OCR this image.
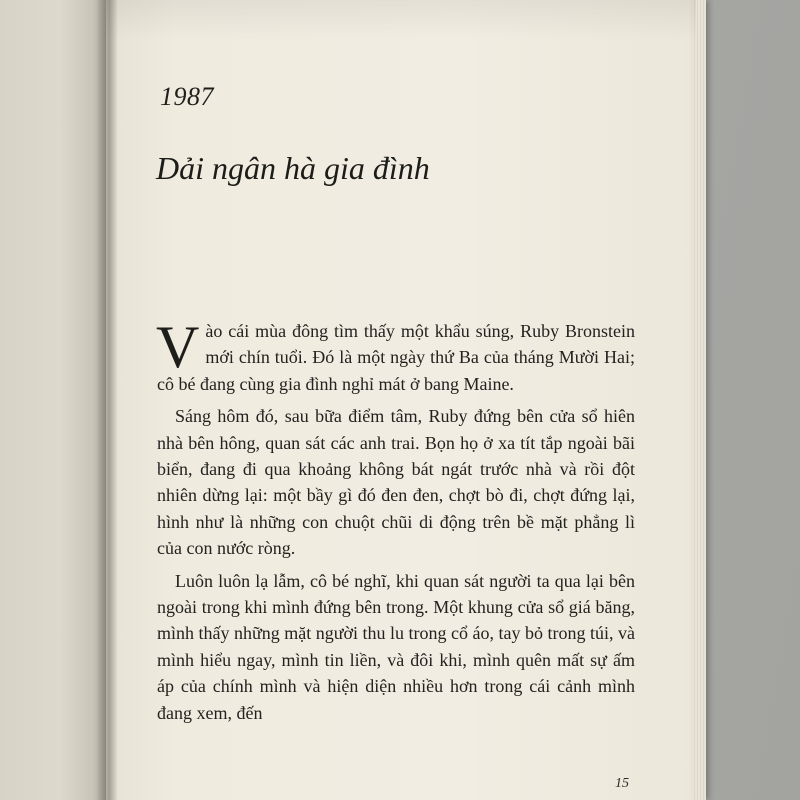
1987
Dải ngân hà gia đình

Vào cái mùa đông tìm thấy một khẩu súng, Ruby Bronstein mới chín tuổi. Đó là một ngày thứ Ba của tháng Mười Hai; cô bé đang cùng gia đình nghỉ mát ở bang Maine.

Sáng hôm đó, sau bữa điểm tâm, Ruby đứng bên cửa sổ hiên nhà bên hông, quan sát các anh trai. Bọn họ ở xa tít tắp ngoài bãi biển, đang đi qua khoảng không bát ngát trước nhà và rồi đột nhiên dừng lại: một bầy gì đó đen đen, chợt bò đi, chợt đứng lại, hình như là những con chuột chũi di động trên bề mặt phẳng lì của con nước ròng.

Luôn luôn lạ lẫm, cô bé nghĩ, khi quan sát người ta qua lại bên ngoài trong khi mình đứng bên trong. Một khung cửa sổ giá băng, mình thấy những mặt người thu lu trong cổ áo, tay bỏ trong túi, và mình hiểu ngay, mình tin liền, và đôi khi, mình quên mất sự ấm áp của chính mình và hiện diện nhiều hơn trong cái cảnh mình đang xem, đến

15
